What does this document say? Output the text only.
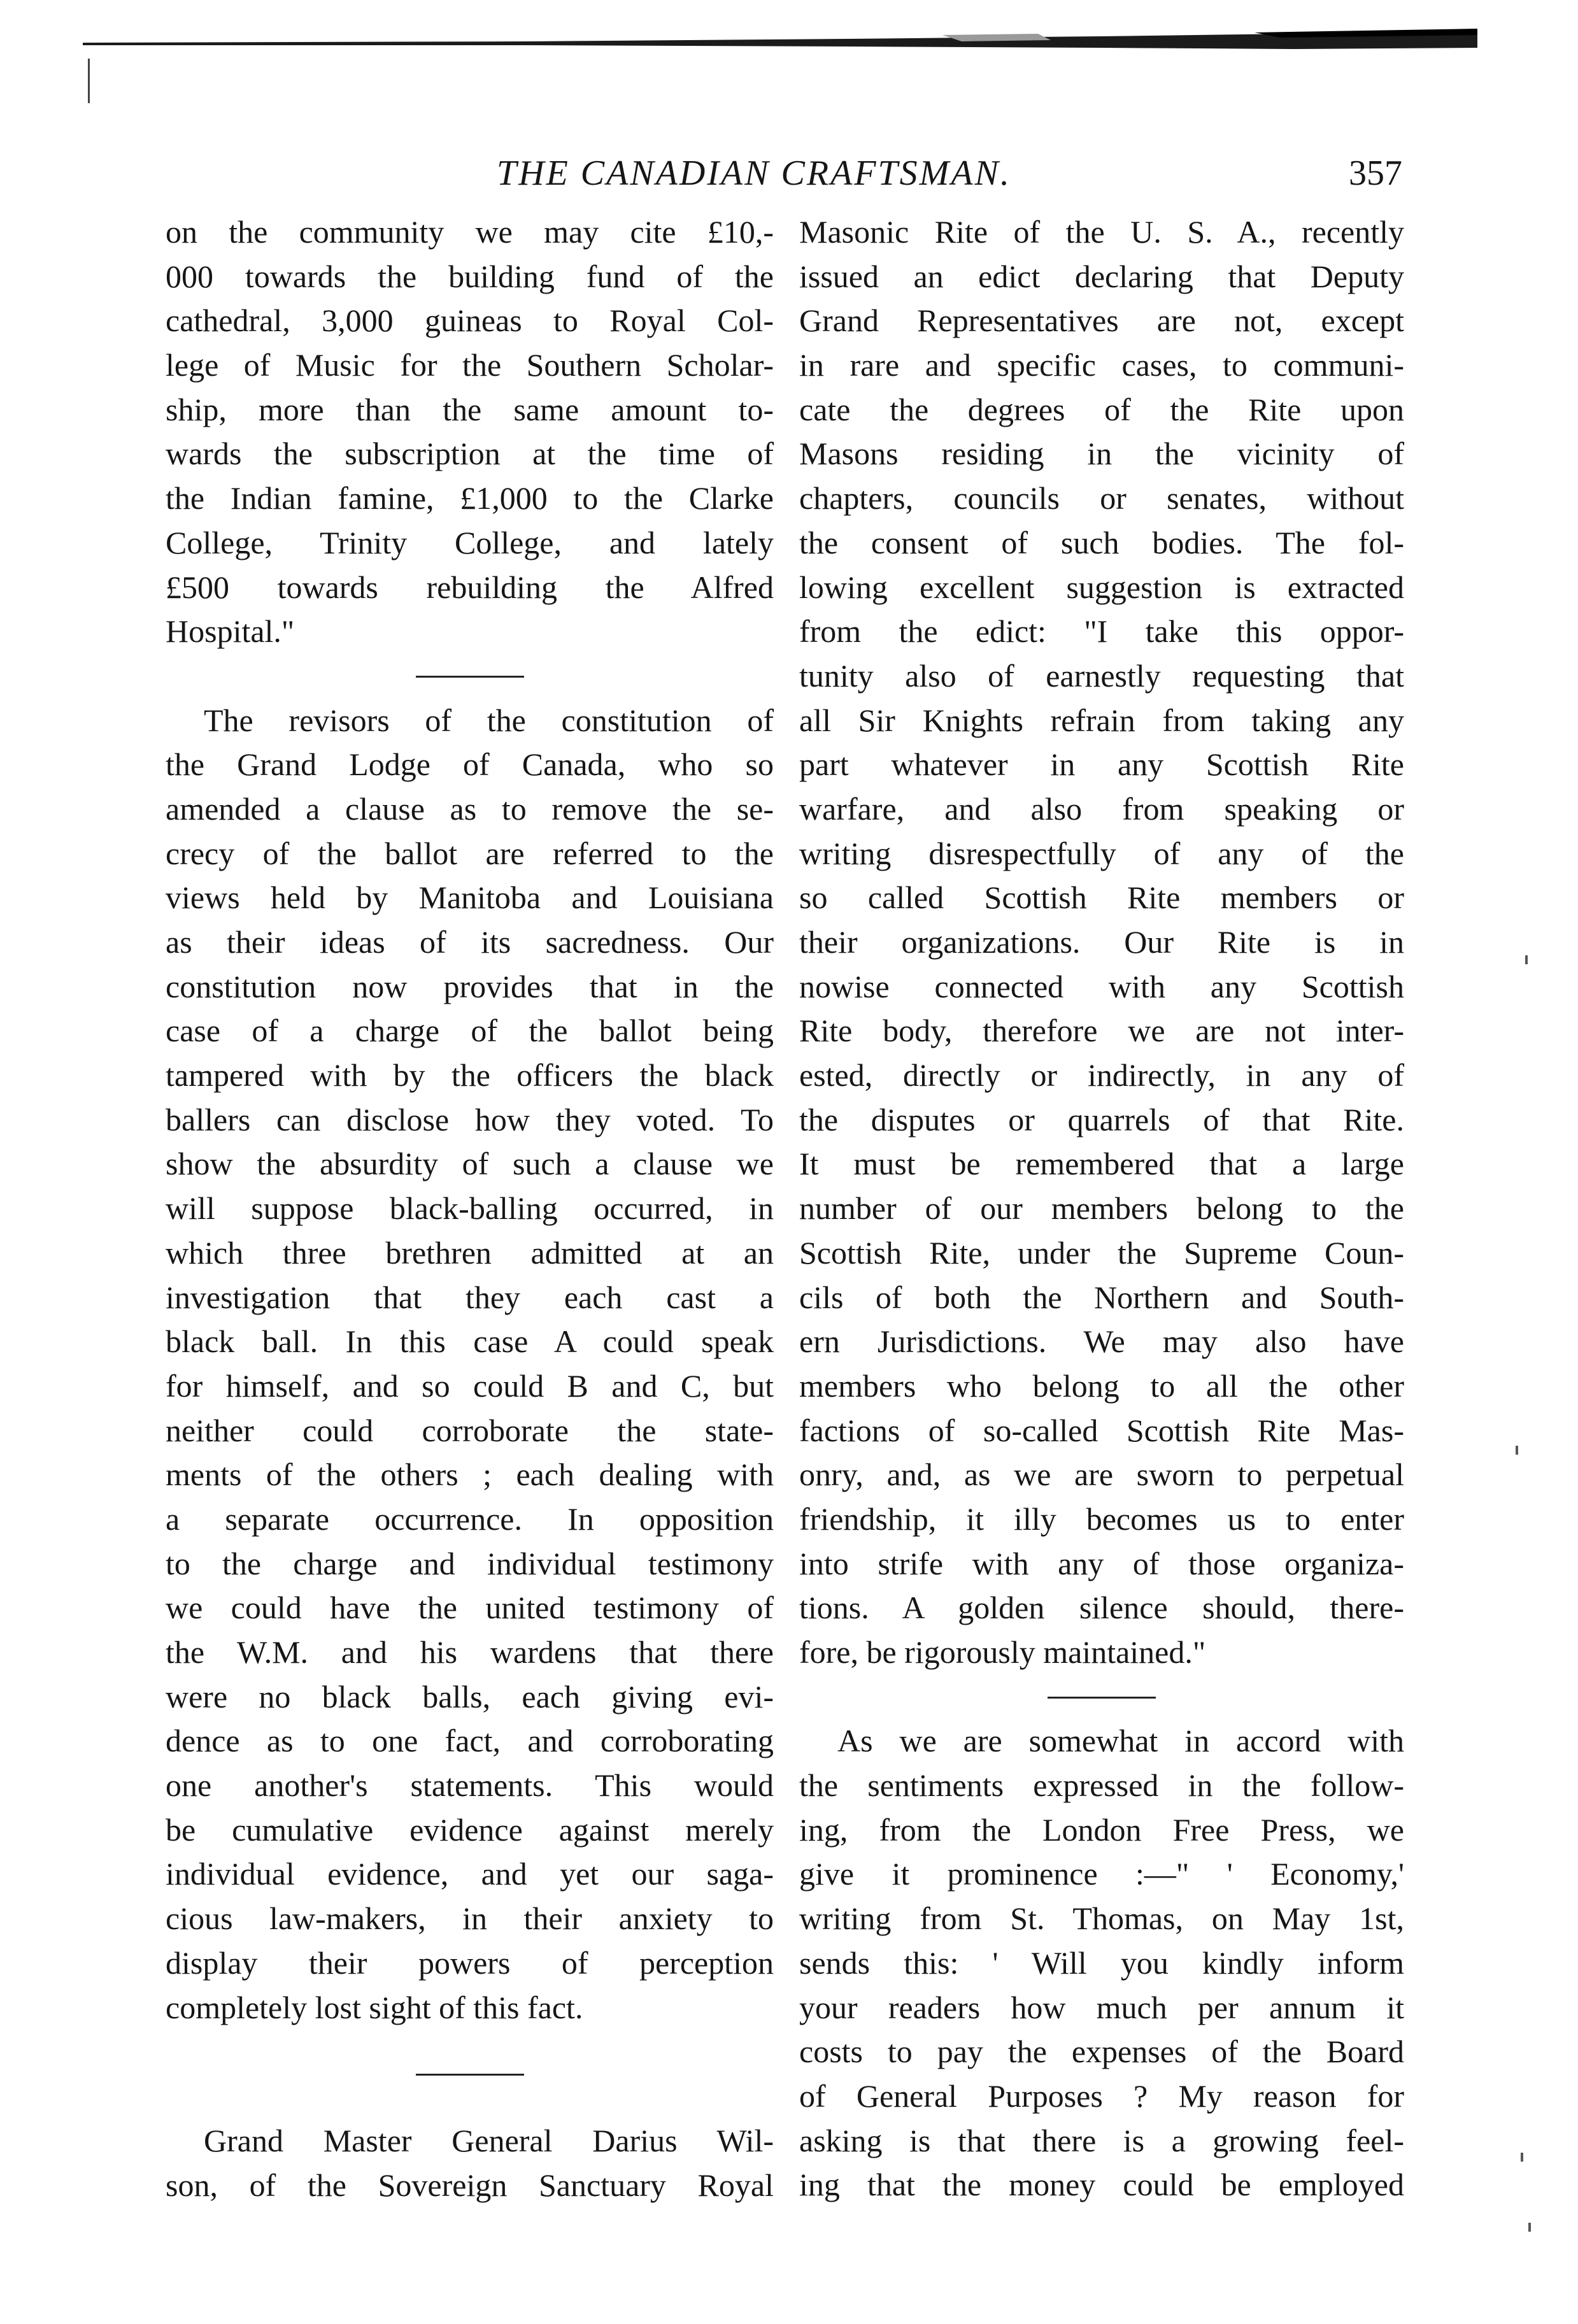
THE CANADIAN CRAFTSMAN.	357
on the community we may cite £10,-
000 towards the building fund of the
cathedral, 3,000 guineas to Royal Col-
lege of Music for the Southern Scholar-
ship, more than the same amount to-
wards the subscription at the time of
the Indian famine, £1,000 to the Clarke
College, Trinity College, and lately
£500 towards rebuilding the Alfred
Hospital."
The revisors of the constitution of
the Grand Lodge of Canada, who so
amended a clause as to remove the se-
crecy of the ballot are referred to the
views held by Manitoba and Louisiana
as their ideas of its sacredness. Our
constitution now provides that in the
case of a charge of the ballot being
tampered with by the officers the black
ballers can disclose how they voted. To
show the absurdity of such a clause we
will suppose black-balling occurred, in
which three brethren admitted at an
investigation that they each cast a
black ball. In this case A could speak
for himself, and so could B and C, but
neither could corroborate the state-
ments of the others ; each dealing with
a separate occurrence. In opposition
to the charge and individual testimony
we could have the united testimony of
the W.M. and his wardens that there
were no black balls, each giving evi-
dence as to one fact, and corroborating
one another's statements. This would
be cumulative evidence against merely
individual evidence, and yet our saga-
cious law-makers, in their anxiety to
display their powers of perception
completely lost sight of this fact.
Grand Master General Darius Wil-
son, of the Sovereign Sanctuary Royal
Masonic Rite of the U. S. A., recently
issued an edict declaring that Deputy
Grand Representatives are not, except
in rare and specific cases, to communi-
cate the degrees of the Rite upon
Masons residing in the vicinity of
chapters, councils or senates, without
the consent of such bodies. The fol-
lowing excellent suggestion is extracted
from the edict: "I take this oppor-
tunity also of earnestly requesting that
all Sir Knights refrain from taking any
part whatever in any Scottish Rite
warfare, and also from speaking or
writing disrespectfully of any of the
so called Scottish Rite members or
their organizations. Our Rite is in
nowise connected with any Scottish
Rite body, therefore we are not inter-
ested, directly or indirectly, in any of
the disputes or quarrels of that Rite.
It must be remembered that a large
number of our members belong to the
Scottish Rite, under the Supreme Coun-
cils of both the Northern and South-
ern Jurisdictions. We may also have
members who belong to all the other
factions of so-called Scottish Rite Mas-
onry, and, as we are sworn to perpetual
friendship, it illy becomes us to enter
into strife with any of those organiza-
tions. A golden silence should, there-
fore, be rigorously maintained."
As we are somewhat in accord with
the sentiments expressed in the follow-
ing, from the London Free Press, we
give it prominence :—" ' Economy,'
writing from St. Thomas, on May 1st,
sends this: ' Will you kindly inform
your readers how much per annum it
costs to pay the expenses of the Board
of General Purposes ? My reason for
asking is that there is a growing feel-
ing that the money could be employed
